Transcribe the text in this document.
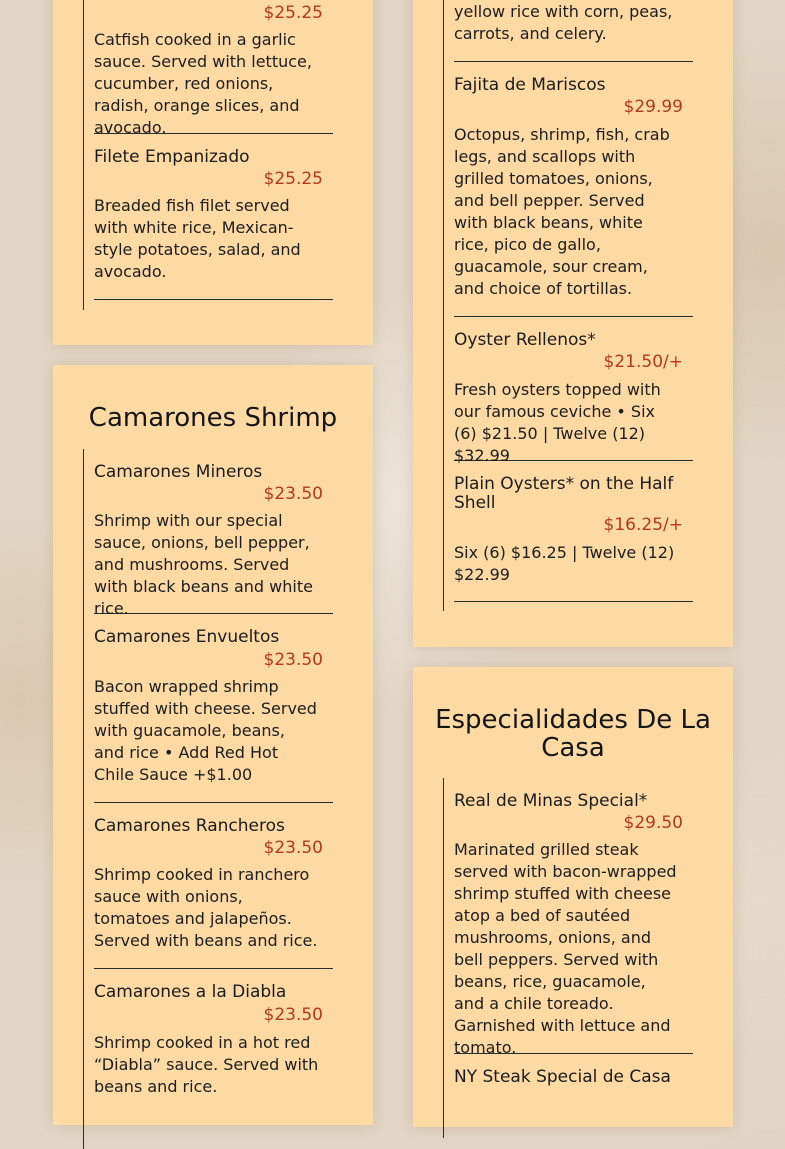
$25.25
Catfish cooked in a garlic sauce. Served with lettuce, cucumber, red onions, radish, orange slices, and avocado.
Filete Empanizado
$25.25
Breaded fish filet served with white rice, Mexican-style potatoes, salad, and avocado.
Camarones Shrimp
Camarones Mineros
$23.50
Shrimp with our special sauce, onions, bell pepper, and mushrooms. Served with black beans and white rice.
Camarones Envueltos
$23.50
Bacon wrapped shrimp stuffed with cheese. Served with guacamole, beans, and rice • Add Red Hot Chile Sauce +$1.00
Camarones Rancheros
$23.50
Shrimp cooked in ranchero sauce with onions, tomatoes and jalapeños. Served with beans and rice.
Camarones a la Diabla
$23.50
Shrimp cooked in a hot red “Diabla” sauce. Served with beans and rice.
yellow rice with corn, peas, carrots, and celery.
Fajita de Mariscos
$29.99
Octopus, shrimp, fish, crab legs, and scallops with grilled tomatoes, onions, and bell pepper. Served with black beans, white rice, pico de gallo, guacamole, sour cream, and choice of tortillas.
Oyster Rellenos*
$21.50/+
Fresh oysters topped with our famous ceviche • Six (6) $21.50 | Twelve (12) $32.99
Plain Oysters* on the Half Shell
$16.25/+
Six (6) $16.25 | Twelve (12) $22.99
Especialidades De La Casa
Real de Minas Special*
$29.50
Marinated grilled steak served with bacon-wrapped shrimp stuffed with cheese atop a bed of sautéed mushrooms, onions, and bell peppers. Served with beans, rice, guacamole, and a chile toreado. Garnished with lettuce and tomato.
NY Steak Special de Casa
